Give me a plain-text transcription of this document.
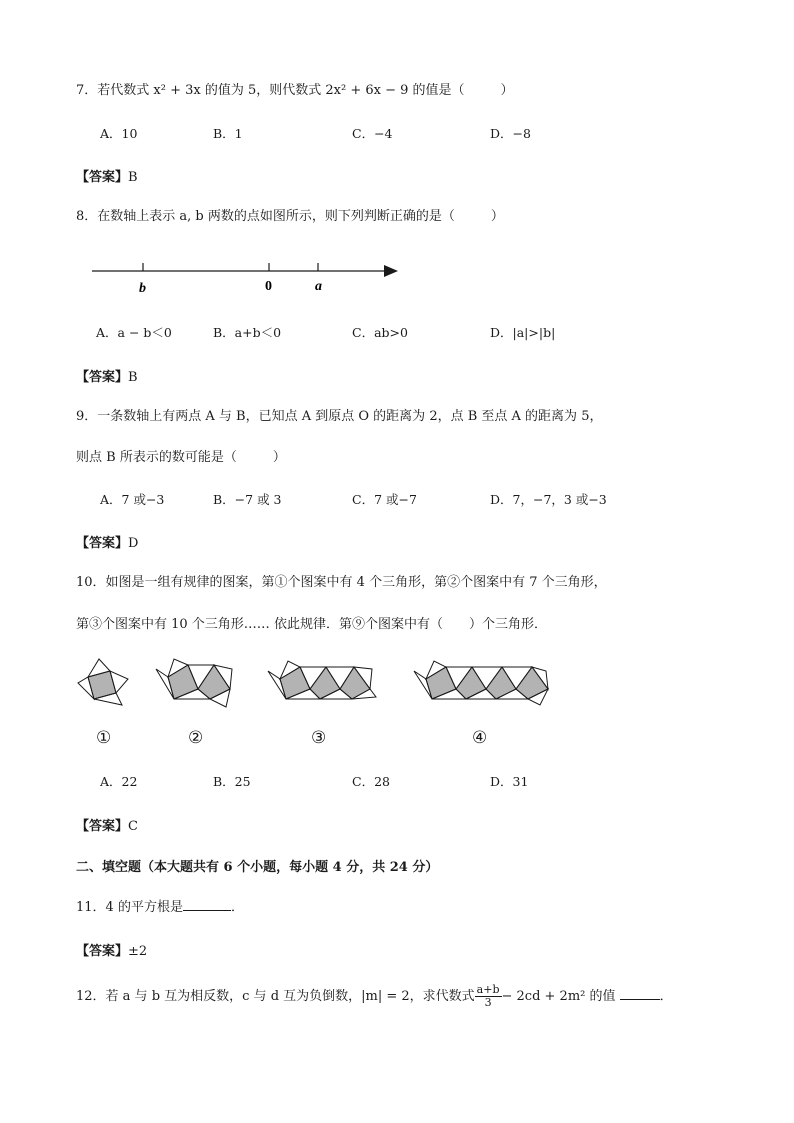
7．若代数式 x² + 3x 的值为 5，则代数式 2x² + 6x − 9 的值是（	）
A．10	B．1	C．−4	D．−8
【答案】B
8．在数轴上表示 a, b 两数的点如图所示，则下列判断正确的是（	）
b	0	a
A．a − b＜0	B．a+b＜0	C．ab>0	D．|a|>|b|
【答案】B
9．一条数轴上有两点 A 与 B，已知点 A 到原点 O 的距离为 2，点 B 至点 A 的距离为 5，
则点 B 所表示的数可能是（	）
A．7 或−3	B．−7 或 3	C．7 或−7	D．7，−7，3 或−3
【答案】D
10．如图是一组有规律的图案，第①个图案中有 4 个三角形，第②个图案中有 7 个三角形，
第③个图案中有 10 个三角形…… 依此规律．第⑨个图案中有（　　）个三角形．
①	②	③	④
A．22	B．25	C．28	D．31
【答案】C
二、填空题（本大题共有 6 个小题，每小题 4 分，共 24 分）
11．4 的平方根是	．
【答案】±2
12．若 a 与 b 互为相反数，c 与 d 互为负倒数，|m| = 2，求代数式 $\frac{a+b}{3} - 2cd + 2m^2$ 的值	．
